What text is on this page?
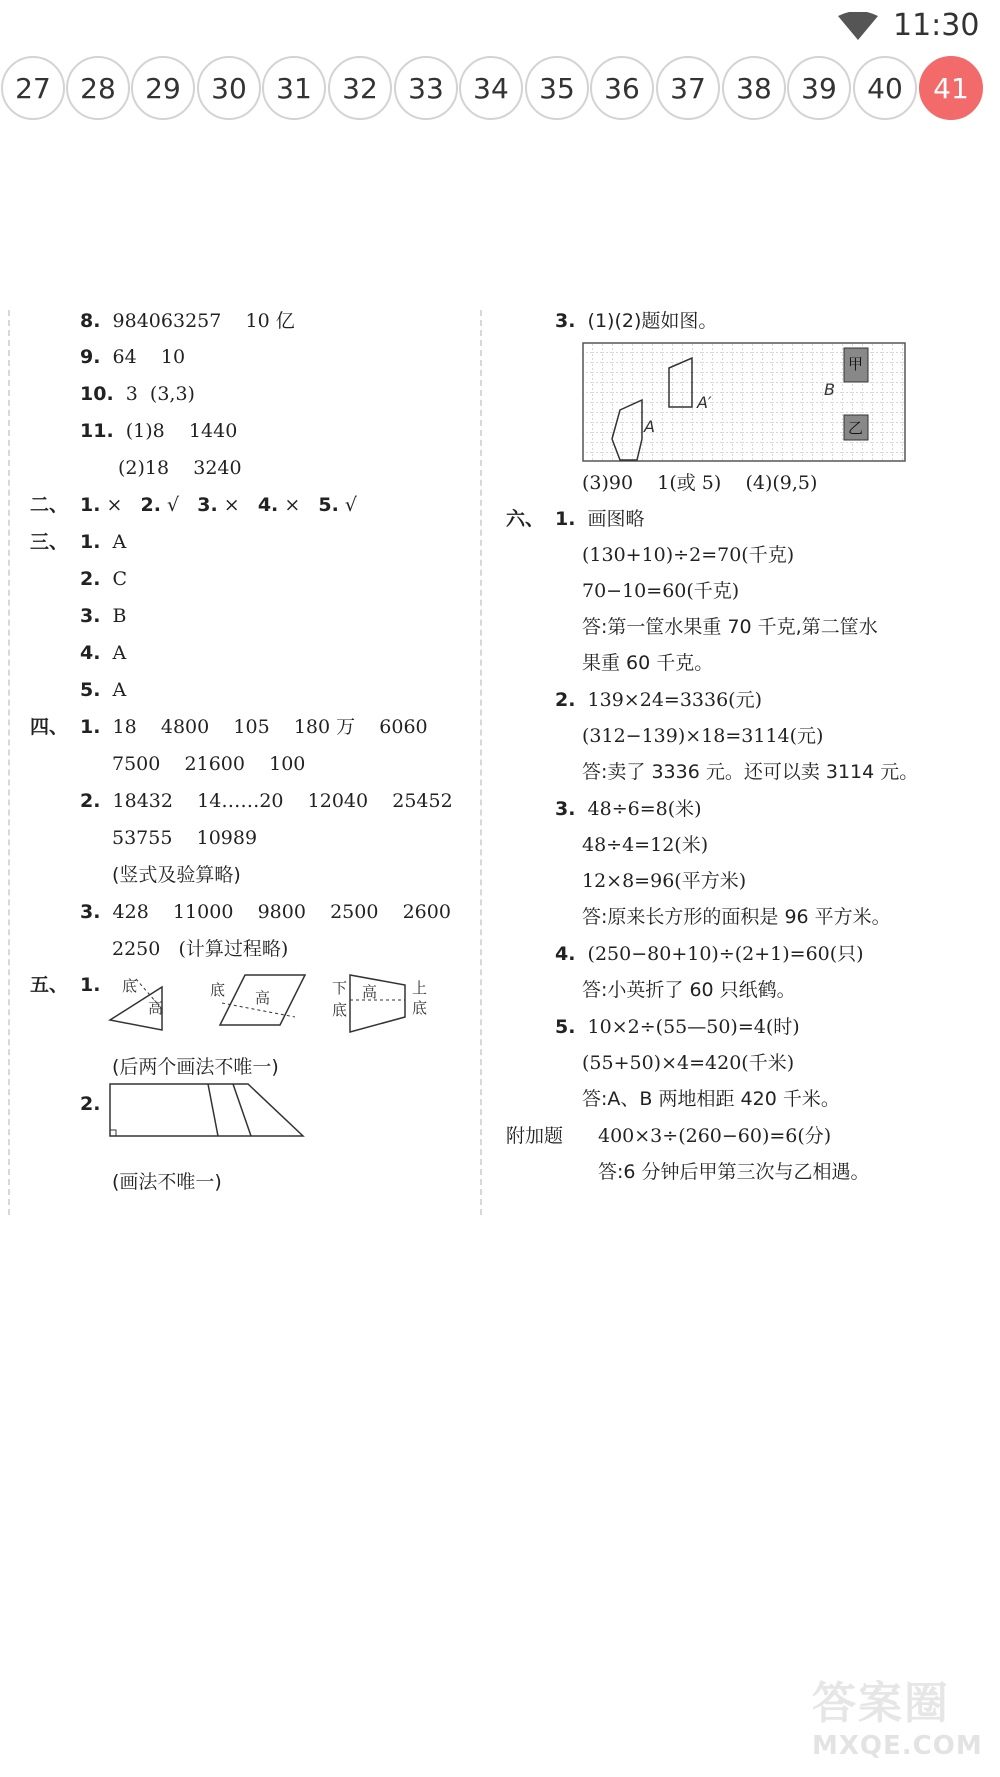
11:30
27	28	29	30	31	32	33	34	35	36	37	38	39	40	41
8. 984063257    10 亿
9. 64    10
10. 3  (3,3)
11. (1)8    1440
(2)18    3240
二、 1. × 2. √ 3. × 4. × 5. √
三、 1. A
2. C
3. B
4. A
5. A
四、 1. 18    4800    105    180 万    6060
7500    21600    100
2. 18432    14……20    12040    25452
53755    10989
(竖式及验算略)
3. 428    11000    9800    2500    2600
2250   (计算过程略)
五、 1. 底
高
底 高
下
底
高 上
底
(后两个画法不唯一)
2.
(画法不唯一)
3. (1)(2)题如图。
甲
乙
A′
B
A
(3)90    1(或 5)    (4)(9,5)
六、 1. 画图略
(130+10)÷2=70(千克)
70−10=60(千克)
答:第一筐水果重 70 千克,第二筐水
果重 60 千克。
2. 139×24=3336(元)
(312−139)×18=3114(元)
答:卖了 3336 元。还可以卖 3114 元。
3. 48÷6=8(米)
48÷4=12(米)
12×8=96(平方米)
答:原来长方形的面积是 96 平方米。
4. (250−80+10)÷(2+1)=60(只)
答:小英折了 60 只纸鹤。
5. 10×2÷(55—50)=4(时)
(55+50)×4=420(千米)
答:A、B 两地相距 420 千米。
附加题 400×3÷(260−60)=6(分)
答:6 分钟后甲第三次与乙相遇。
答案圈
MXQE.COM
